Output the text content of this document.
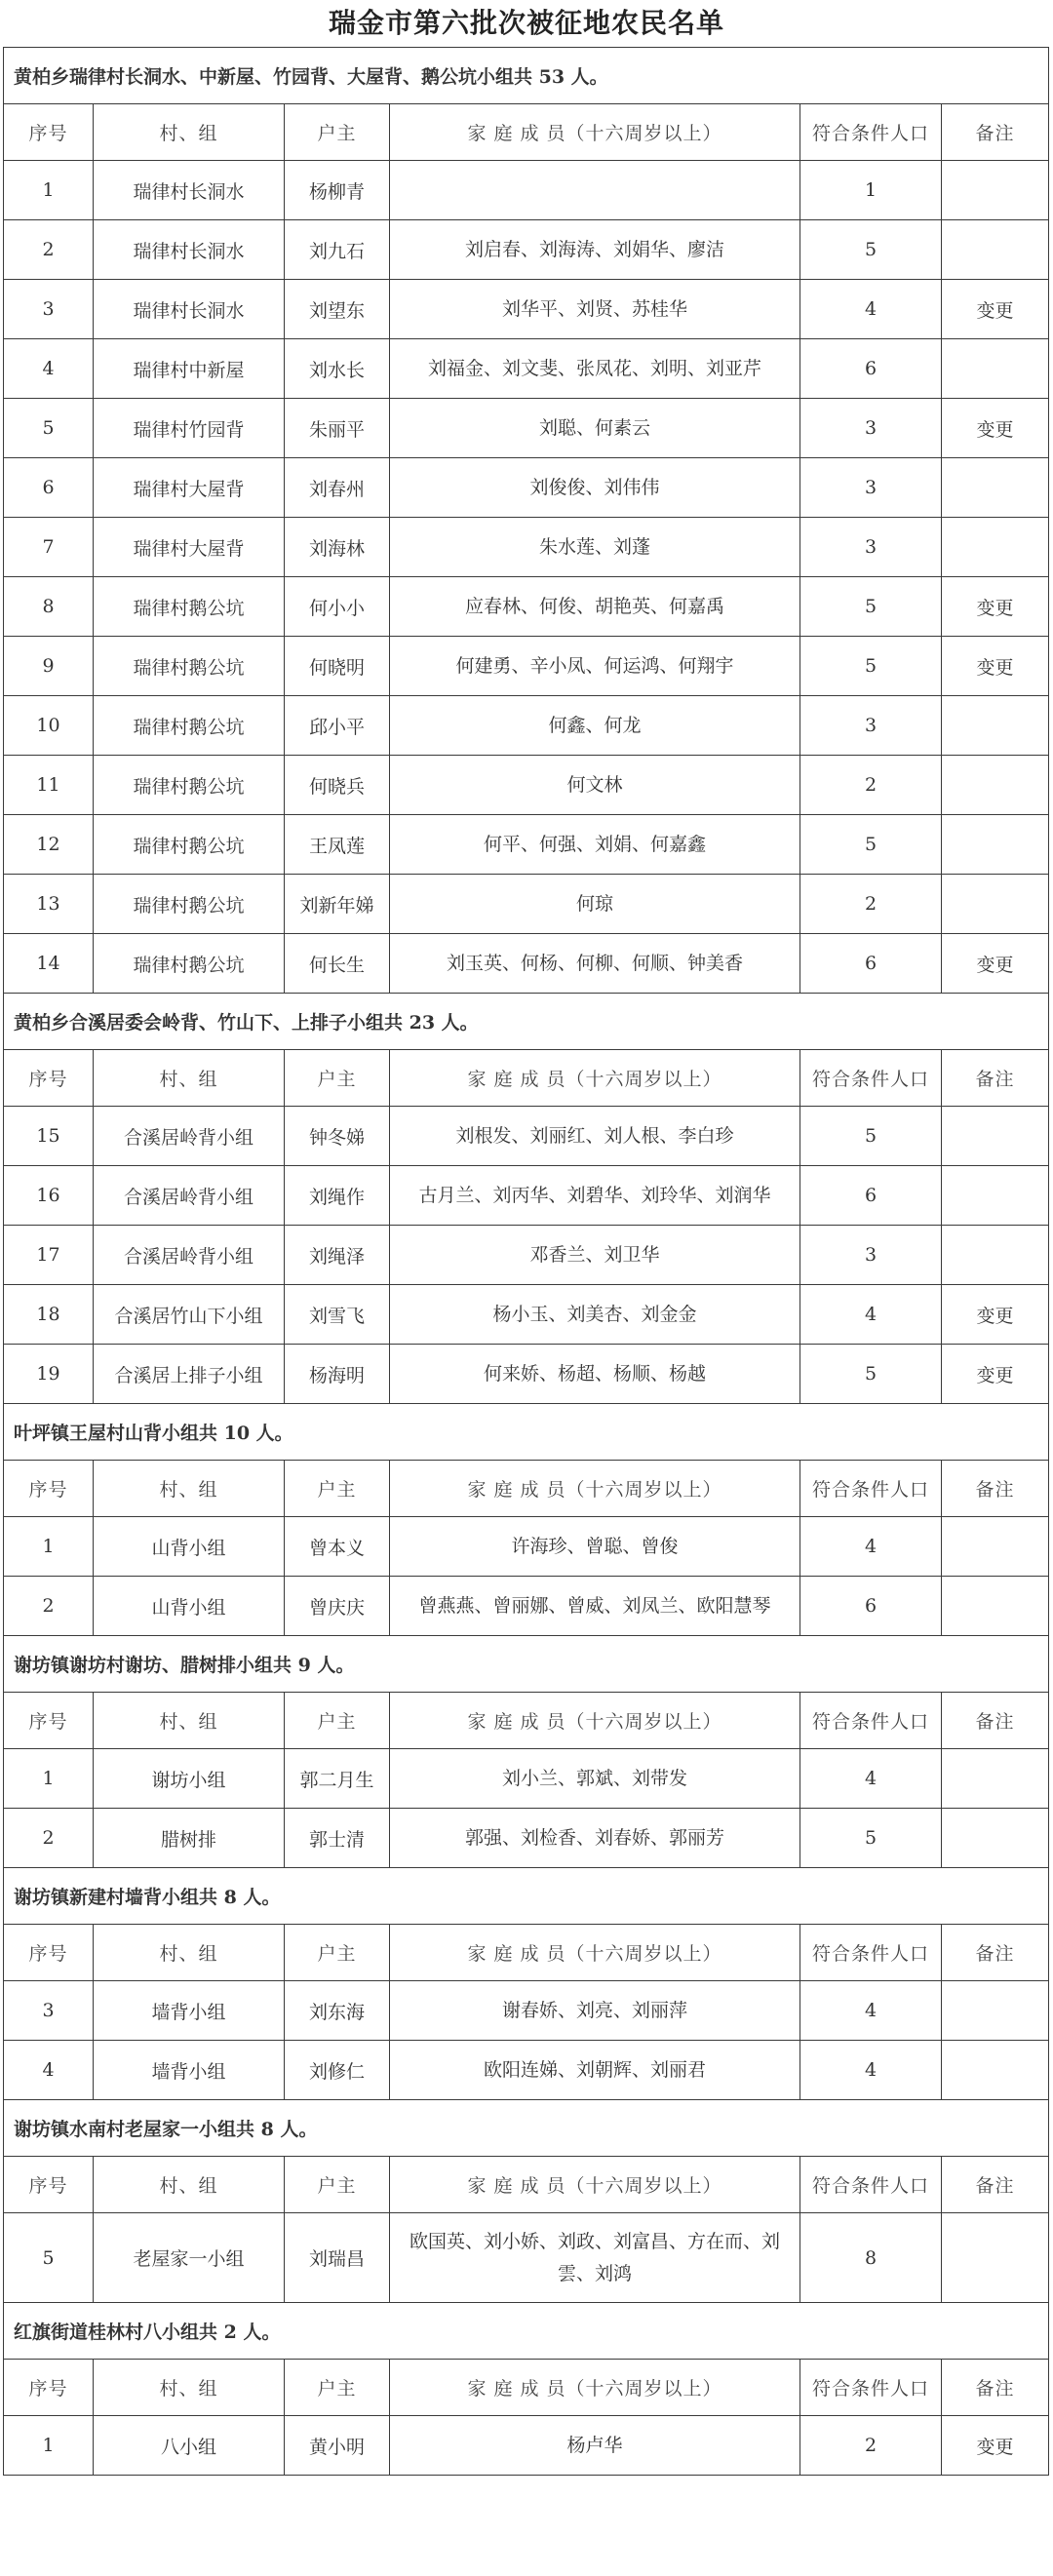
瑞金市第六批次被征地农民名单
黄柏乡瑞律村长洞水、中新屋、竹园背、大屋背、鹅公坑小组共 53 人。					
序号	村、组	户主	家 庭 成 员（十六周岁以上）	符合条件人口	备注
1	瑞律村长洞水	杨柳青		1	
2	瑞律村长洞水	刘九石	刘启春、刘海涛、刘娟华、廖洁	5	
3	瑞律村长洞水	刘望东	刘华平、刘贤、苏桂华	4	变更
4	瑞律村中新屋	刘水长	刘福金、刘文斐、张凤花、刘明、刘亚芹	6	
5	瑞律村竹园背	朱丽平	刘聪、何素云	3	变更
6	瑞律村大屋背	刘春州	刘俊俊、刘伟伟	3	
7	瑞律村大屋背	刘海林	朱水莲、刘蓬	3	
8	瑞律村鹅公坑	何小小	应春林、何俊、胡艳英、何嘉禹	5	变更
9	瑞律村鹅公坑	何晓明	何建勇、辛小凤、何运鸿、何翔宇	5	变更
10	瑞律村鹅公坑	邱小平	何鑫、何龙	3	
11	瑞律村鹅公坑	何晓兵	何文林	2	
12	瑞律村鹅公坑	王凤莲	何平、何强、刘娟、何嘉鑫	5	
13	瑞律村鹅公坑	刘新年娣	何琼	2	
14	瑞律村鹅公坑	何长生	刘玉英、何杨、何柳、何顺、钟美香	6	变更
黄柏乡合溪居委会岭背、竹山下、上排子小组共 23 人。					
序号	村、组	户主	家 庭 成 员（十六周岁以上）	符合条件人口	备注
15	合溪居岭背小组	钟冬娣	刘根发、刘丽红、刘人根、李白珍	5	
16	合溪居岭背小组	刘绳作	古月兰、刘丙华、刘碧华、刘玲华、刘润华	6	
17	合溪居岭背小组	刘绳泽	邓香兰、刘卫华	3	
18	合溪居竹山下小组	刘雪飞	杨小玉、刘美杏、刘金金	4	变更
19	合溪居上排子小组	杨海明	何来娇、杨超、杨顺、杨越	5	变更
叶坪镇王屋村山背小组共 10 人。					
序号	村、组	户主	家 庭 成 员（十六周岁以上）	符合条件人口	备注
1	山背小组	曾本义	许海珍、曾聪、曾俊	4	
2	山背小组	曾庆庆	曾燕燕、曾丽娜、曾威、刘凤兰、欧阳慧琴	6	
谢坊镇谢坊村谢坊、腊树排小组共 9 人。					
序号	村、组	户主	家 庭 成 员（十六周岁以上）	符合条件人口	备注
1	谢坊小组	郭二月生	刘小兰、郭斌、刘带发	4	
2	腊树排	郭士清	郭强、刘检香、刘春娇、郭丽芳	5	
谢坊镇新建村墙背小组共 8 人。					
序号	村、组	户主	家 庭 成 员（十六周岁以上）	符合条件人口	备注
3	墙背小组	刘东海	谢春娇、刘亮、刘丽萍	4	
4	墙背小组	刘修仁	欧阳连娣、刘朝辉、刘丽君	4	
谢坊镇水南村老屋家一小组共 8 人。					
序号	村、组	户主	家 庭 成 员（十六周岁以上）	符合条件人口	备注
5	老屋家一小组	刘瑞昌	欧国英、刘小娇、刘政、刘富昌、方在而、刘雲、刘鸿	8	
红旗街道桂林村八小组共 2 人。					
序号	村、组	户主	家 庭 成 员（十六周岁以上）	符合条件人口	备注
1	八小组	黄小明	杨卢华	2	变更
